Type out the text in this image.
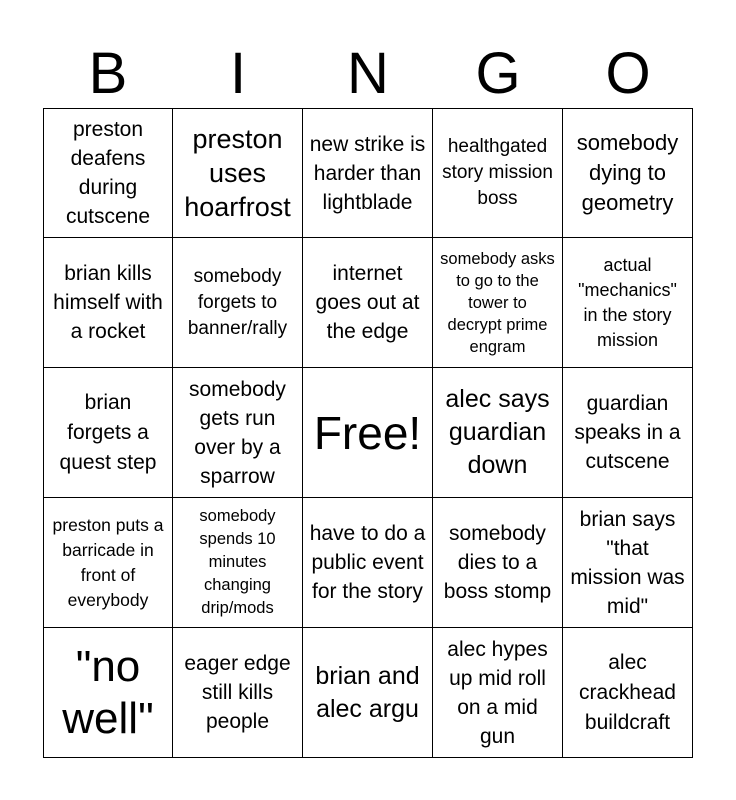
B	I	N	G	O
preston deafens during cutscene
preston uses hoarfrost
new strike is harder than lightblade
healthgated story mission boss
somebody dying to geometry
brian kills himself with a rocket
somebody forgets to banner/rally
internet goes out at the edge
somebody asks to go to the tower to decrypt prime engram
actual "mechanics" in the story mission
brian forgets a quest step
somebody gets run over by a sparrow
Free!
alec says guardian down
guardian speaks in a cutscene
preston puts a barricade in front of everybody
somebody spends 10 minutes changing drip/mods
have to do a public event for the story
somebody dies to a boss stomp
brian says "that mission was mid"
"no well"
eager edge still kills people
brian and alec argu
alec hypes up mid roll on a mid gun
alec crackhead buildcraft
